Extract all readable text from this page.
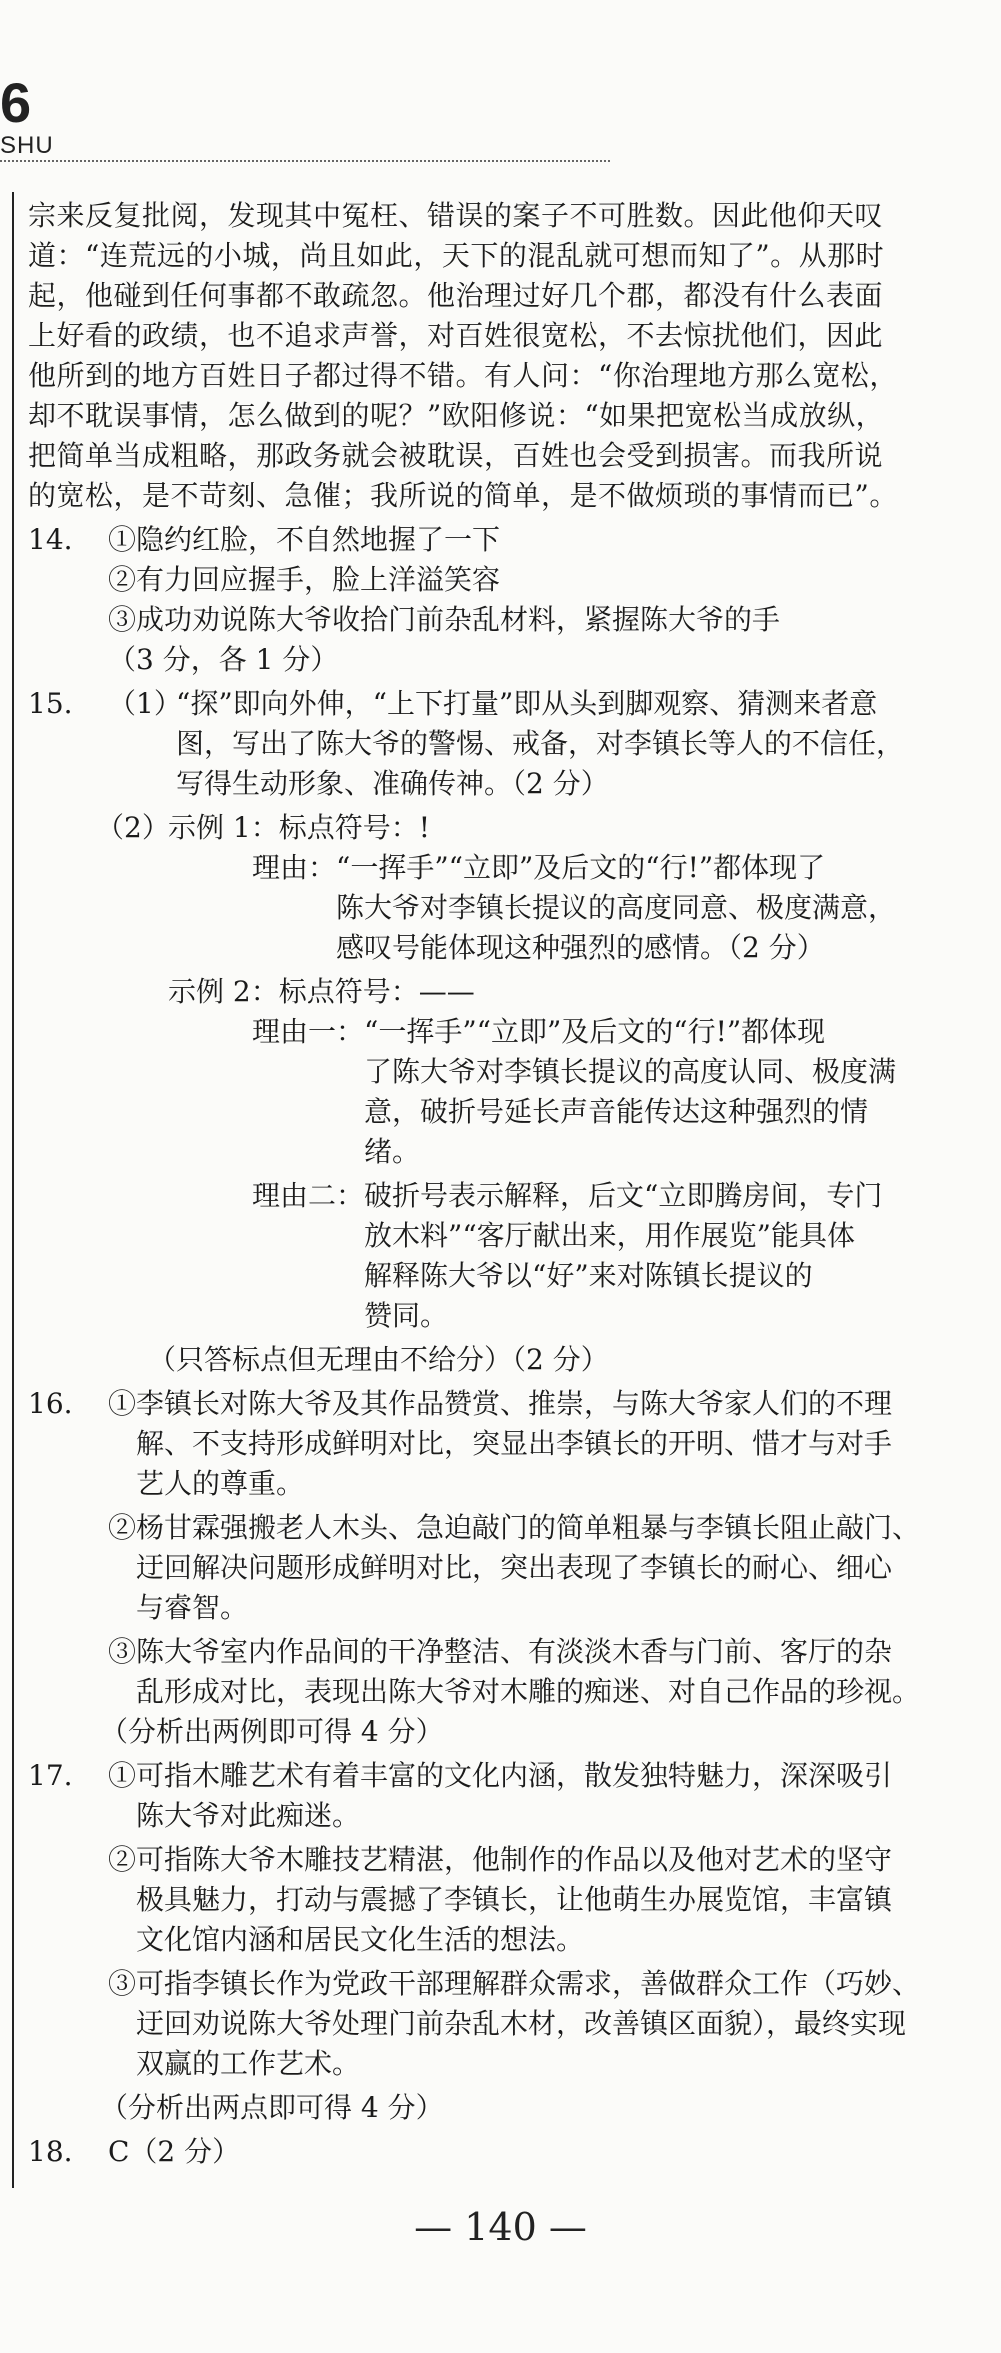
6
SHU
宗来反复批阅，发现其中冤枉、错误的案子不可胜数。因此他仰天叹
道：“连荒远的小城，尚且如此，天下的混乱就可想而知了”。从那时
起，他碰到任何事都不敢疏忽。他治理过好几个郡，都没有什么表面
上好看的政绩，也不追求声誉，对百姓很宽松，不去惊扰他们，因此
他所到的地方百姓日子都过得不错。有人问：“你治理地方那么宽松，
却不耽误事情，怎么做到的呢？”欧阳修说：“如果把宽松当成放纵，
把简单当成粗略，那政务就会被耽误，百姓也会受到损害。而我所说
的宽松，是不苛刻、急催；我所说的简单，是不做烦琐的事情而已”。
14.	①隐约红脸，不自然地握了一下
②有力回应握手，脸上洋溢笑容
③成功劝说陈大爷收拾门前杂乱材料，紧握陈大爷的手
（3 分，各 1 分）
15.	（1）
“探”即向外伸，“上下打量”即从头到脚观察、猜测来者意
图，写出了陈大爷的警惕、戒备，对李镇长等人的不信任，
写得生动形象、准确传神。（2 分）
（2）
示例 1：标点符号：!
理由： “一挥手”“立即”及后文的“行!”都体现了
陈大爷对李镇长提议的高度同意、极度满意，
感叹号能体现这种强烈的感情。（2 分）
示例 2：标点符号：——
理由一： “一挥手”“立即”及后文的“行!”都体现
了陈大爷对李镇长提议的高度认同、极度满
意，破折号延长声音能传达这种强烈的情
绪。
理由二： 破折号表示解释，后文“立即腾房间，专门
放木料”“客厅献出来，用作展览”能具体
解释陈大爷以“好”来对陈镇长提议的
赞同。
（只答标点但无理由不给分）（2 分）
16.	①李镇长对陈大爷及其作品赞赏、推崇，与陈大爷家人们的不理
解、不支持形成鲜明对比，突显出李镇长的开明、惜才与对手
艺人的尊重。
②杨甘霖强搬老人木头、急迫敲门的简单粗暴与李镇长阻止敲门、
迂回解决问题形成鲜明对比，突出表现了李镇长的耐心、细心
与睿智。
③陈大爷室内作品间的干净整洁、有淡淡木香与门前、客厅的杂
乱形成对比，表现出陈大爷对木雕的痴迷、对自己作品的珍视。
（分析出两例即可得 4 分）
17.	①可指木雕艺术有着丰富的文化内涵，散发独特魅力，深深吸引
陈大爷对此痴迷。
②可指陈大爷木雕技艺精湛，他制作的作品以及他对艺术的坚守
极具魅力，打动与震撼了李镇长，让他萌生办展览馆，丰富镇
文化馆内涵和居民文化生活的想法。
③可指李镇长作为党政干部理解群众需求，善做群众工作（巧妙、
迂回劝说陈大爷处理门前杂乱木材，改善镇区面貌），最终实现
双赢的工作艺术。
（分析出两点即可得 4 分）
18.	C（2 分）
— 140 —
